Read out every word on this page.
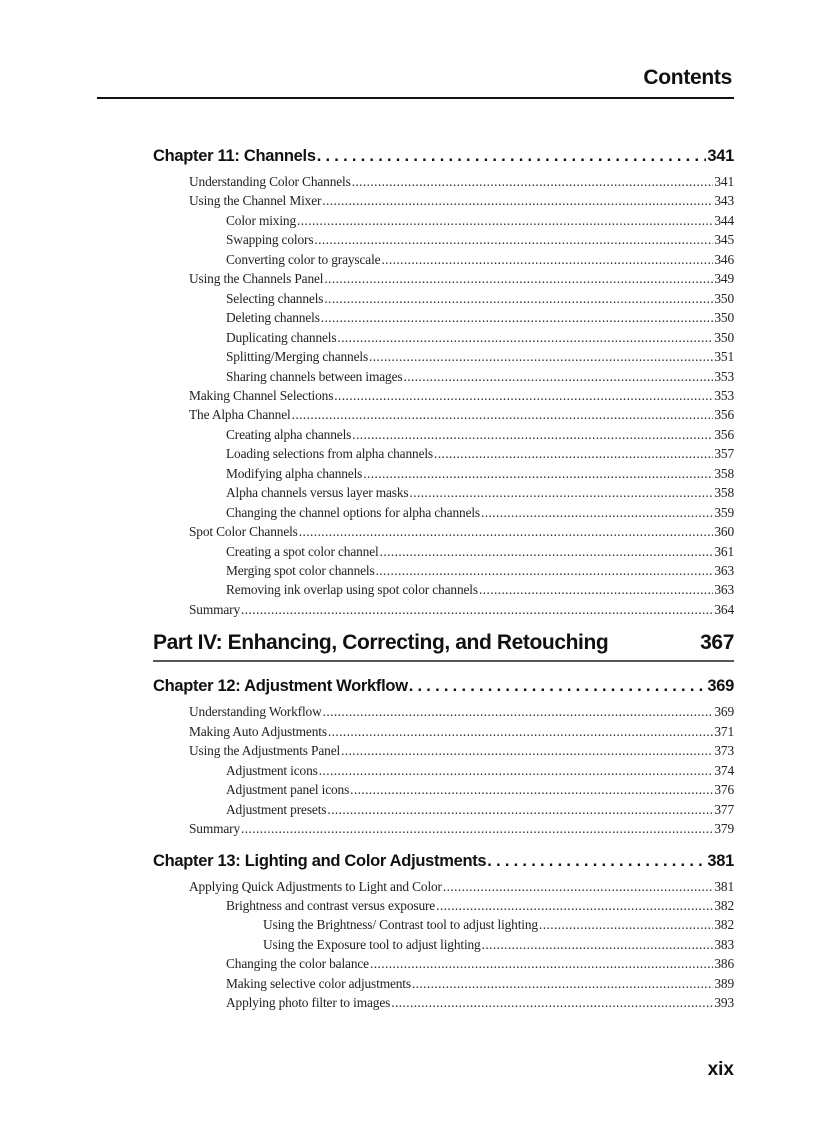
Contents
Chapter 11: Channels .....	341
Understanding Color Channels .....	341
Using the Channel Mixer .....	343
Color mixing .....	344
Swapping colors .....	345
Converting color to grayscale .....	346
Using the Channels Panel .....	349
Selecting channels .....	350
Deleting channels .....	350
Duplicating channels .....	350
Splitting/Merging channels .....	351
Sharing channels between images .....	353
Making Channel Selections .....	353
The Alpha Channel .....	356
Creating alpha channels .....	356
Loading selections from alpha channels .....	357
Modifying alpha channels .....	358
Alpha channels versus layer masks .....	358
Changing the channel options for alpha channels .....	359
Spot Color Channels .....	360
Creating a spot color channel .....	361
Merging spot color channels .....	363
Removing ink overlap using spot color channels .....	363
Summary .....	364
Part IV: Enhancing, Correcting, and Retouching	367
Chapter 12: Adjustment Workflow .....	369
Understanding Workflow .....	369
Making Auto Adjustments .....	371
Using the Adjustments Panel .....	373
Adjustment icons .....	374
Adjustment panel icons .....	376
Adjustment presets .....	377
Summary .....	379
Chapter 13: Lighting and Color Adjustments .....	381
Applying Quick Adjustments to Light and Color .....	381
Brightness and contrast versus exposure .....	382
Using the Brightness/ Contrast tool to adjust lighting .....	382
Using the Exposure tool to adjust lighting .....	383
Changing the color balance .....	386
Making selective color adjustments .....	389
Applying photo filter to images .....	393
xix
